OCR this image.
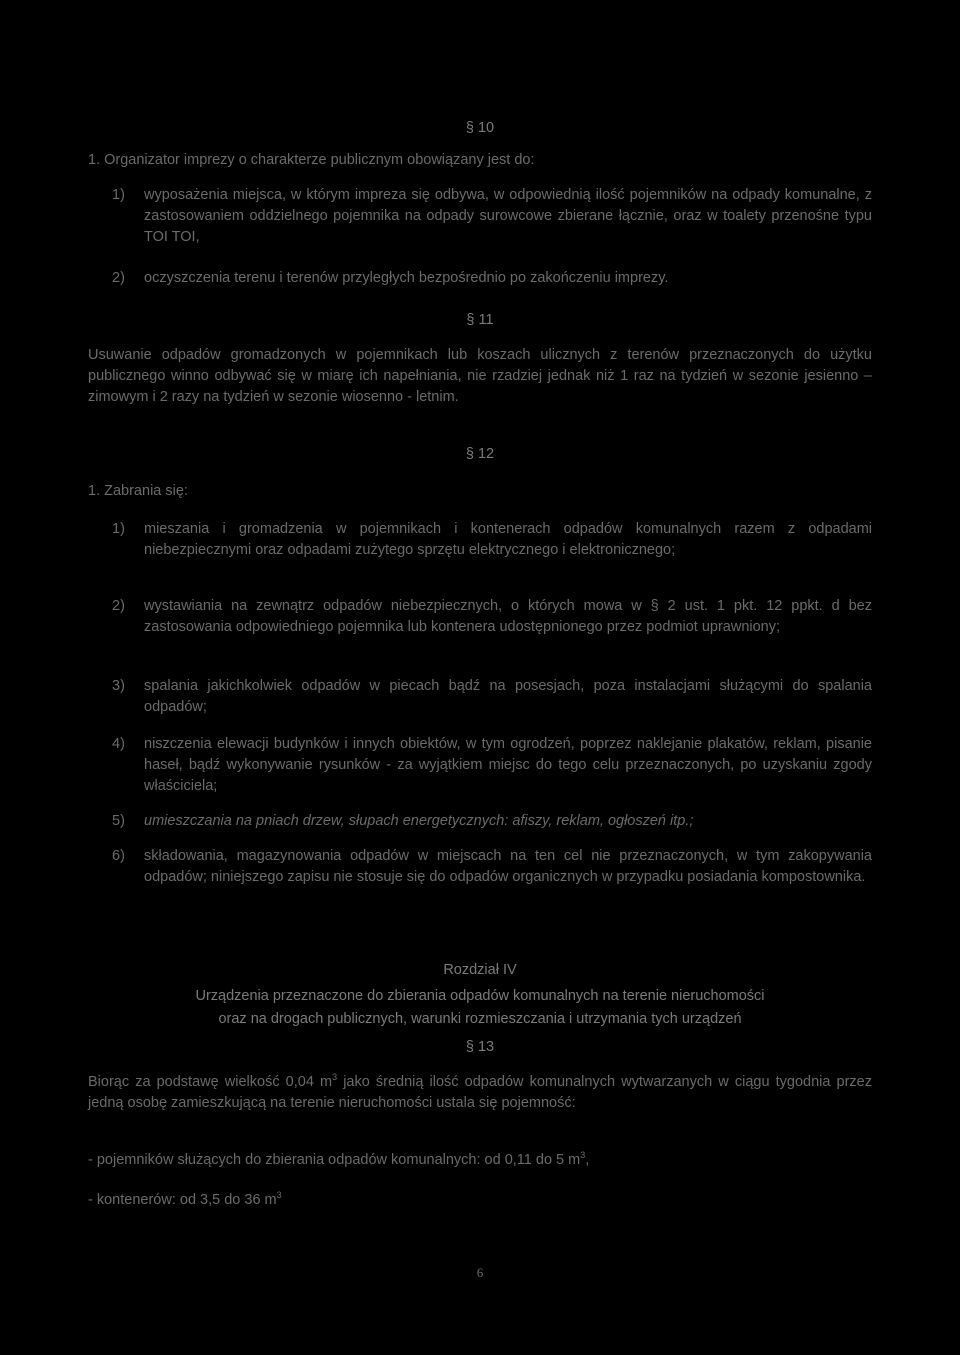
§ 10
1. Organizator imprezy o charakterze publicznym obowiązany jest do:
1) wyposażenia miejsca, w którym impreza się odbywa, w odpowiednią ilość pojemników na odpady komunalne, z zastosowaniem oddzielnego pojemnika na odpady surowcowe zbierane łącznie, oraz w toalety przenośne typu TOI TOI,
2) oczyszczenia terenu i terenów przyległych bezpośrednio po zakończeniu imprezy.
§ 11
Usuwanie odpadów gromadzonych w pojemnikach lub koszach ulicznych z terenów przeznaczonych do użytku publicznego winno odbywać się w miarę ich napełniania, nie rzadziej jednak niż 1 raz na tydzień w sezonie jesienno – zimowym i 2 razy na tydzień w sezonie wiosenno - letnim.
§ 12
1. Zabrania się:
1) mieszania i gromadzenia w pojemnikach i kontenerach odpadów komunalnych razem z odpadami niebezpiecznymi oraz odpadami zużytego sprzętu elektrycznego i elektronicznego;
2) wystawiania na zewnątrz odpadów niebezpiecznych, o których mowa w § 2 ust. 1 pkt. 12 ppkt. d bez zastosowania odpowiedniego pojemnika lub kontenera udostępnionego przez podmiot uprawniony;
3) spalania jakichkolwiek odpadów w piecach bądź na posesjach, poza instalacjami służącymi do spalania odpadów;
4) niszczenia elewacji budynków i innych obiektów, w tym ogrodzeń, poprzez naklejanie plakatów, reklam, pisanie haseł, bądź wykonywanie rysunków - za wyjątkiem miejsc do tego celu przeznaczonych, po uzyskaniu zgody właściciela;
5) umieszczania na pniach drzew, słupach energetycznych: afiszy, reklam, ogłoszeń itp.;
6) składowania, magazynowania odpadów w miejscach na ten cel nie przeznaczonych, w tym zakopywania odpadów; niniejszego zapisu nie stosuje się do odpadów organicznych w przypadku posiadania kompostownika.
Rozdział IV
Urządzenia przeznaczone do zbierania odpadów komunalnych na terenie nieruchomości
oraz na drogach publicznych, warunki rozmieszczania i utrzymania tych urządzeń
§ 13
Biorąc za podstawę wielkość 0,04 $m^3$ jako średnią ilość odpadów komunalnych wytwarzanych w ciągu tygodnia przez jedną osobę zamieszkującą na terenie nieruchomości ustala się pojemność:
- pojemników służących do zbierania odpadów komunalnych: od 0,11 do 5 $m^3$,
- kontenerów: od 3,5 do 36 $m^3$
6
